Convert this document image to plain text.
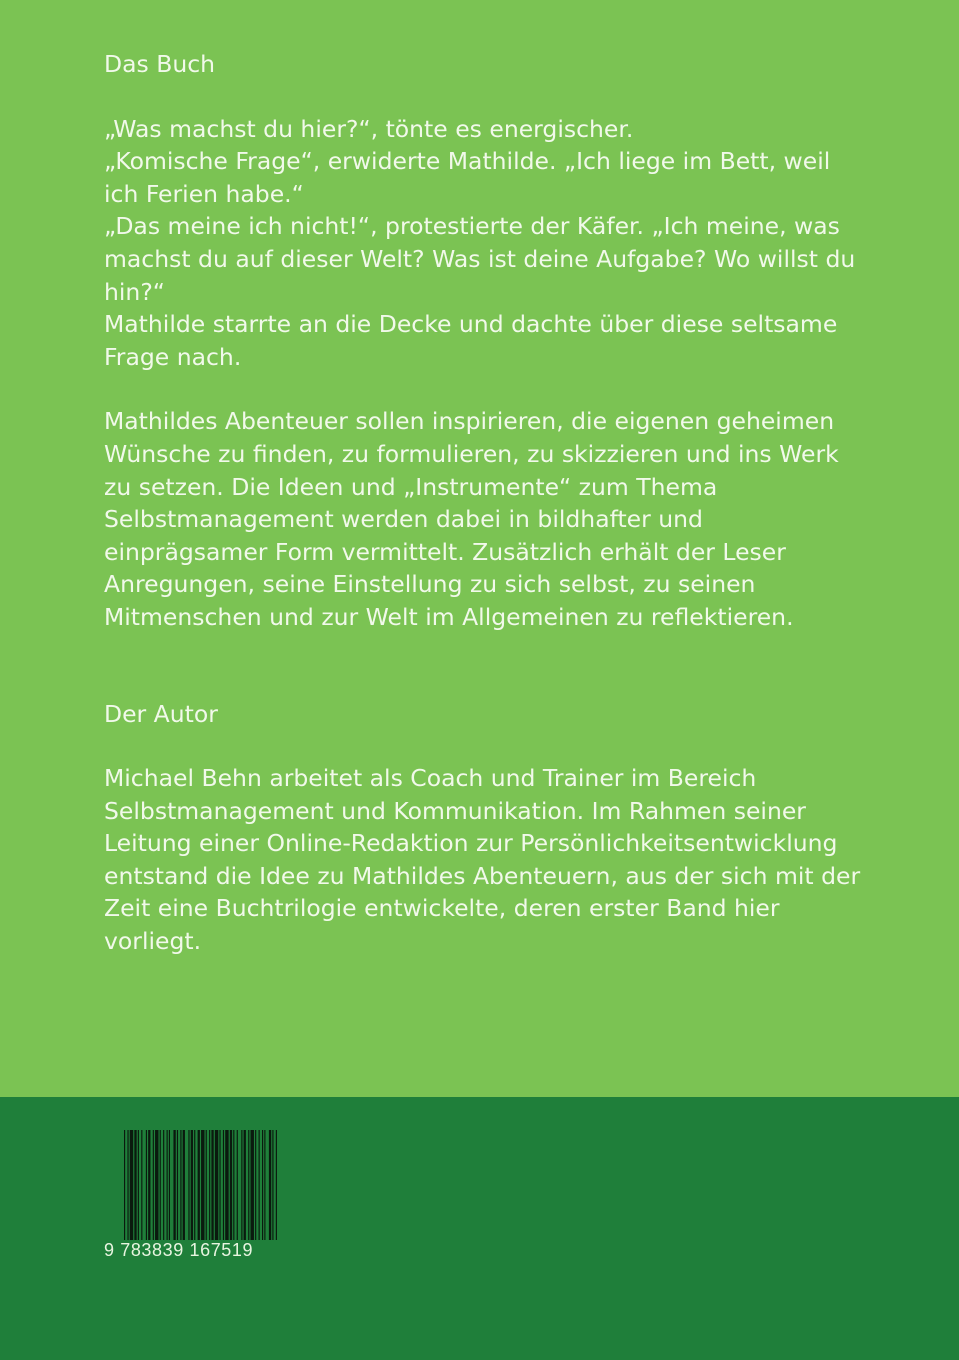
Das Buch

„Was machst du hier?“, tönte es energischer.

„Komische Frage“, erwiderte Mathilde. „Ich liege im Bett, weil ich Ferien habe.“

„Das meine ich nicht!“, protestierte der Käfer. „Ich meine, was machst du auf dieser Welt? Was ist deine Aufgabe? Wo willst du hin?“

Mathilde starrte an die Decke und dachte über diese seltsame Frage nach.

Mathildes Abenteuer sollen inspirieren, die eigenen geheimen Wünsche zu finden, zu formulieren, zu skizzieren und ins Werk zu setzen. Die Ideen und „Instrumente“ zum Thema Selbstmanagement werden dabei in bildhafter und einprägsamer Form vermittelt. Zusätzlich erhält der Leser Anregungen, seine Einstellung zu sich selbst, zu seinen Mitmenschen und zur Welt im Allgemeinen zu reflektieren.

Der Autor

Michael Behn arbeitet als Coach und Trainer im Bereich Selbstmanagement und Kommunikation. Im Rahmen seiner Leitung einer Online-Redaktion zur Persönlichkeitsentwicklung entstand die Idee zu Mathildes Abenteuern, aus der sich mit der Zeit eine Buchtrilogie entwickelte, deren erster Band hier vorliegt.

9 783839 167519
